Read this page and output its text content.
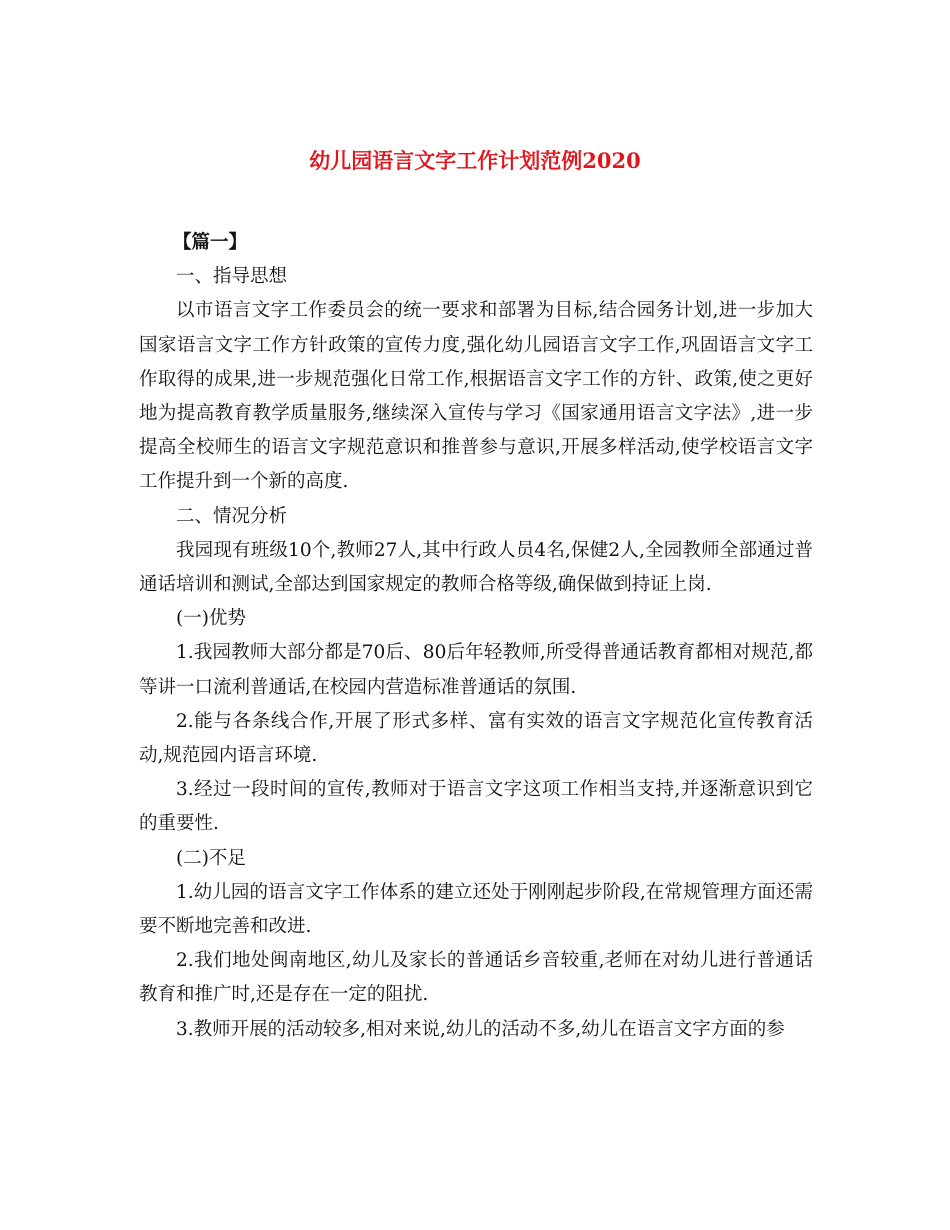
幼儿园语言文字工作计划范例2020

【篇一】

一、指导思想

以市语言文字工作委员会的统一要求和部署为目标,结合园务计划,进一步加大国家语言文字工作方针政策的宣传力度,强化幼儿园语言文字工作,巩固语言文字工作取得的成果,进一步规范强化日常工作,根据语言文字工作的方针、政策,使之更好地为提高教育教学质量服务,继续深入宣传与学习《国家通用语言文字法》,进一步提高全校师生的语言文字规范意识和推普参与意识,开展多样活动,使学校语言文字工作提升到一个新的高度.

二、情况分析

我园现有班级10个,教师27人,其中行政人员4名,保健2人,全园教师全部通过普通话培训和测试,全部达到国家规定的教师合格等级,确保做到持证上岗.

(一)优势

1.我园教师大部分都是70后、80后年轻教师,所受得普通话教育都相对规范,都等讲一口流利普通话,在校园内营造标准普通话的氛围.

2.能与各条线合作,开展了形式多样、富有实效的语言文字规范化宣传教育活动,规范园内语言环境.

3.经过一段时间的宣传,教师对于语言文字这项工作相当支持,并逐渐意识到它的重要性.

(二)不足

1.幼儿园的语言文字工作体系的建立还处于刚刚起步阶段,在常规管理方面还需要不断地完善和改进.

2.我们地处闽南地区,幼儿及家长的普通话乡音较重,老师在对幼儿进行普通话教育和推广时,还是存在一定的阻扰.

3.教师开展的活动较多,相对来说,幼儿的活动不多,幼儿在语言文字方面的参
